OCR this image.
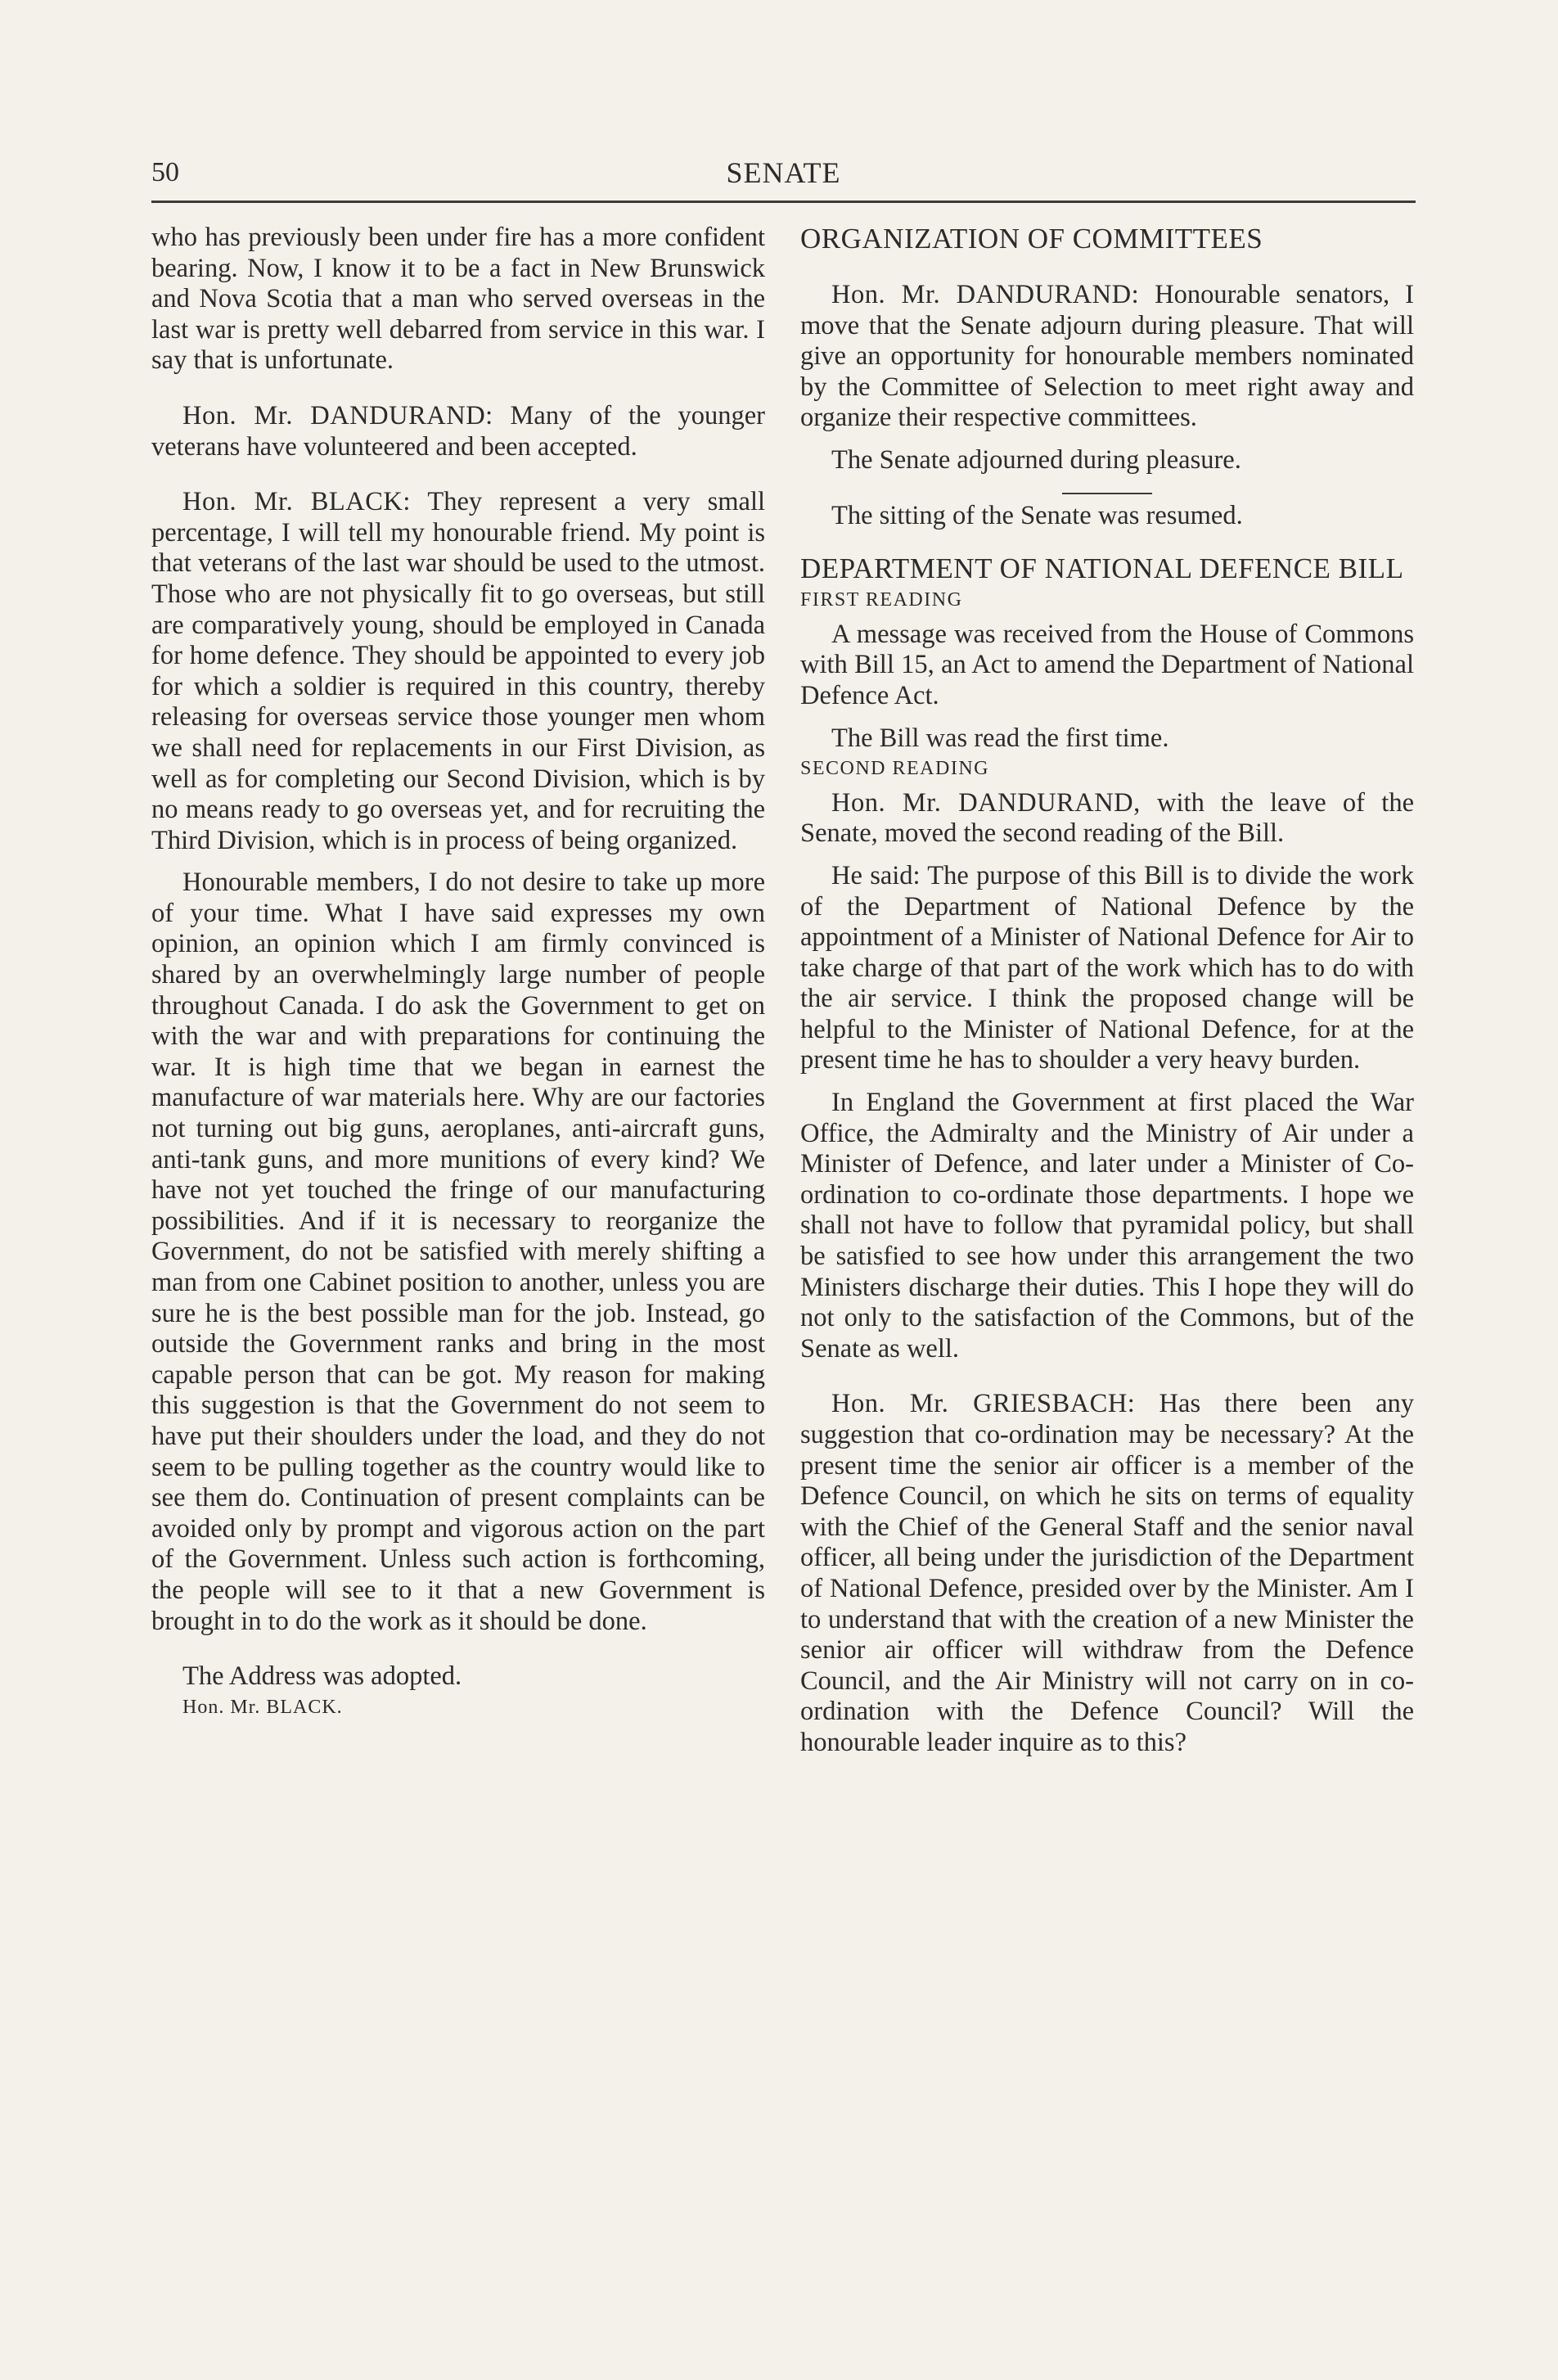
50	SENATE

who has previously been under fire has a more confident bearing. Now, I know it to be a fact in New Brunswick and Nova Scotia that a man who served overseas in the last war is pretty well debarred from service in this war. I say that is unfortunate.

Hon. Mr. DANDURAND: Many of the younger veterans have volunteered and been accepted.

Hon. Mr. BLACK: They represent a very small percentage, I will tell my honourable friend. My point is that veterans of the last war should be used to the utmost. Those who are not physically fit to go overseas, but still are comparatively young, should be employed in Canada for home defence. They should be appointed to every job for which a soldier is required in this country, thereby releasing for overseas service those younger men whom we shall need for replacements in our First Division, as well as for completing our Second Division, which is by no means ready to go overseas yet, and for recruiting the Third Division, which is in process of being organized.

Honourable members, I do not desire to take up more of your time. What I have said expresses my own opinion, an opinion which I am firmly convinced is shared by an overwhelmingly large number of people throughout Canada. I do ask the Government to get on with the war and with preparations for continuing the war. It is high time that we began in earnest the manufacture of war materials here. Why are our factories not turning out big guns, aeroplanes, anti-aircraft guns, anti-tank guns, and more munitions of every kind? We have not yet touched the fringe of our manufacturing possibilities. And if it is necessary to reorganize the Government, do not be satisfied with merely shifting a man from one Cabinet position to another, unless you are sure he is the best possible man for the job. Instead, go outside the Government ranks and bring in the most capable person that can be got. My reason for making this suggestion is that the Government do not seem to have put their shoulders under the load, and they do not seem to be pulling together as the country would like to see them do. Continuation of present complaints can be avoided only by prompt and vigorous action on the part of the Government. Unless such action is forthcoming, the people will see to it that a new Government is brought in to do the work as it should be done.

The Address was adopted.

Hon. Mr. BLACK.

ORGANIZATION OF COMMITTEES

Hon. Mr. DANDURAND: Honourable senators, I move that the Senate adjourn during pleasure. That will give an opportunity for honourable members nominated by the Committee of Selection to meet right away and organize their respective committees.

The Senate adjourned during pleasure.

The sitting of the Senate was resumed.

DEPARTMENT OF NATIONAL DEFENCE BILL

FIRST READING

A message was received from the House of Commons with Bill 15, an Act to amend the Department of National Defence Act.

The Bill was read the first time.

SECOND READING

Hon. Mr. DANDURAND, with the leave of the Senate, moved the second reading of the Bill.

He said: The purpose of this Bill is to divide the work of the Department of National Defence by the appointment of a Minister of National Defence for Air to take charge of that part of the work which has to do with the air service. I think the proposed change will be helpful to the Minister of National Defence, for at the present time he has to shoulder a very heavy burden.

In England the Government at first placed the War Office, the Admiralty and the Ministry of Air under a Minister of Defence, and later under a Minister of Co-ordination to co-ordinate those departments. I hope we shall not have to follow that pyramidal policy, but shall be satisfied to see how under this arrangement the two Ministers discharge their duties. This I hope they will do not only to the satisfaction of the Commons, but of the Senate as well.

Hon. Mr. GRIESBACH: Has there been any suggestion that co-ordination may be necessary? At the present time the senior air officer is a member of the Defence Council, on which he sits on terms of equality with the Chief of the General Staff and the senior naval officer, all being under the jurisdiction of the Department of National Defence, presided over by the Minister. Am I to understand that with the creation of a new Minister the senior air officer will withdraw from the Defence Council, and the Air Ministry will not carry on in co-ordination with the Defence Council? Will the honourable leader inquire as to this?
